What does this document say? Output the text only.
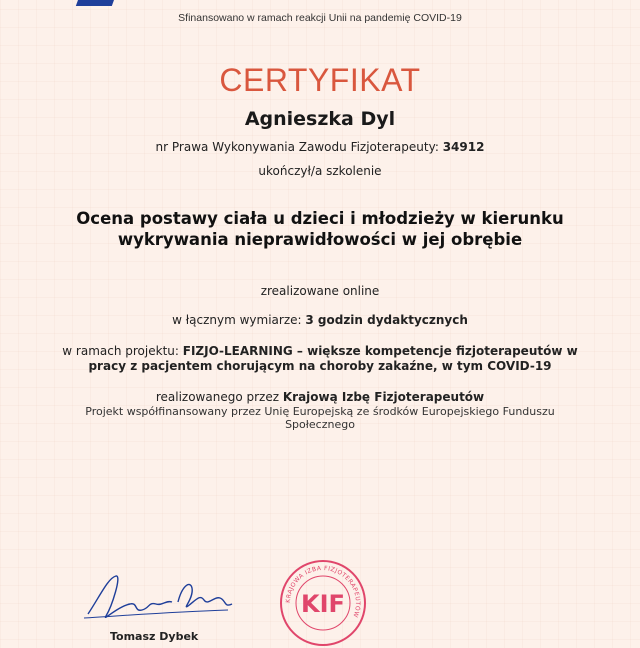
Sfinansowano w ramach reakcji Unii na pandemię COVID-19
CERTYFIKAT
Agnieszka Dyl
nr Prawa Wykonywania Zawodu Fizjoterapeuty: 34912
ukończył/a szkolenie
Ocena postawy ciała u dzieci i młodzieży w kierunku
wykrywania nieprawidłowości w jej obrębie
zrealizowane online
w łącznym wymiarze: 3 godzin dydaktycznych
w ramach projektu: FIZJO-LEARNING – większe kompetencje fizjoterapeutów w
pracy z pacjentem chorującym na choroby zakaźne, w tym COVID-19
realizowanego przez Krajową Izbę Fizjoterapeutów
Projekt współfinansowany przez Unię Europejską ze środków Europejskiego Funduszu
Społecznego
Tomasz Dybek
KRAJOWA IZBA FIZJOTERAPEUTÓW
KIF
